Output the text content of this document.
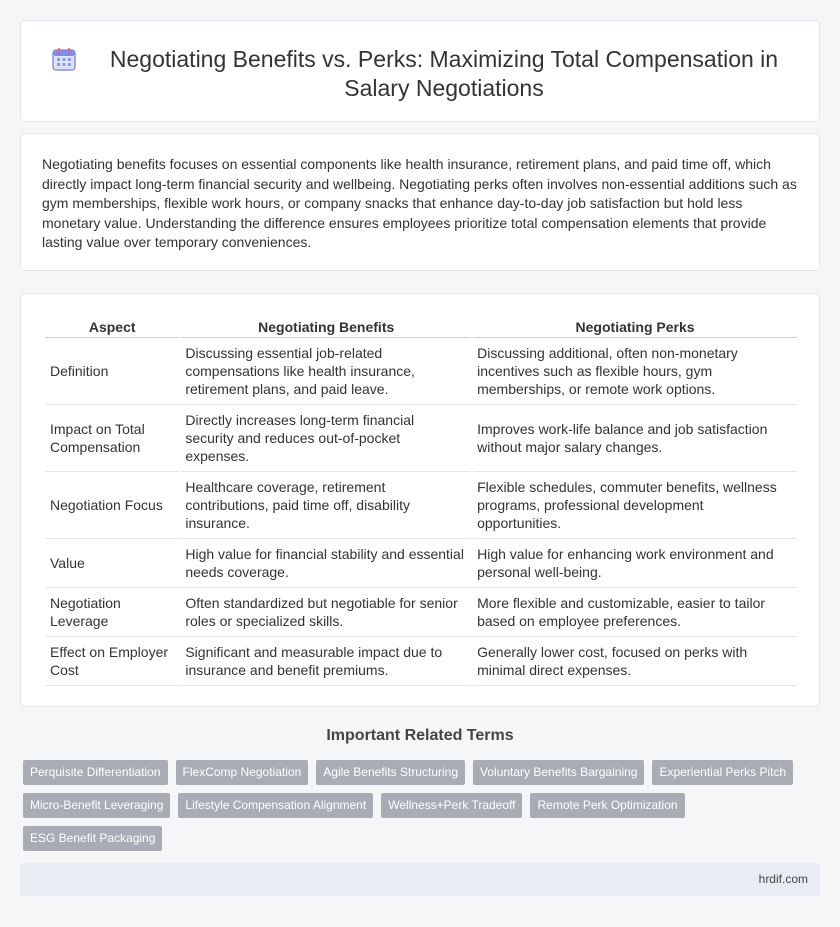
Negotiating Benefits vs. Perks: Maximizing Total Compensation in Salary Negotiations

Negotiating benefits focuses on essential components like health insurance, retirement plans, and paid time off, which directly impact long-term financial security and wellbeing. Negotiating perks often involves non-essential additions such as gym memberships, flexible work hours, or company snacks that enhance day-to-day job satisfaction but hold less monetary value. Understanding the difference ensures employees prioritize total compensation elements that provide lasting value over temporary conveniences.

Aspect	Negotiating Benefits	Negotiating Perks
Definition	Discussing essential job-related compensations like health insurance, retirement plans, and paid leave.	Discussing additional, often non-monetary incentives such as flexible hours, gym memberships, or remote work options.
Impact on Total Compensation	Directly increases long-term financial security and reduces out-of-pocket expenses.	Improves work-life balance and job satisfaction without major salary changes.
Negotiation Focus	Healthcare coverage, retirement contributions, paid time off, disability insurance.	Flexible schedules, commuter benefits, wellness programs, professional development opportunities.
Value	High value for financial stability and essential needs coverage.	High value for enhancing work environment and personal well-being.
Negotiation Leverage	Often standardized but negotiable for senior roles or specialized skills.	More flexible and customizable, easier to tailor based on employee preferences.
Effect on Employer Cost	Significant and measurable impact due to insurance and benefit premiums.	Generally lower cost, focused on perks with minimal direct expenses.
Important Related Terms
Perquisite Differentiation	FlexComp Negotiation	Agile Benefits Structuring	Voluntary Benefits Bargaining	Experiential Perks Pitch
Micro-Benefit Leveraging	Lifestyle Compensation Alignment	Wellness+Perk Tradeoff	Remote Perk Optimization
ESG Benefit Packaging
hrdif.com
